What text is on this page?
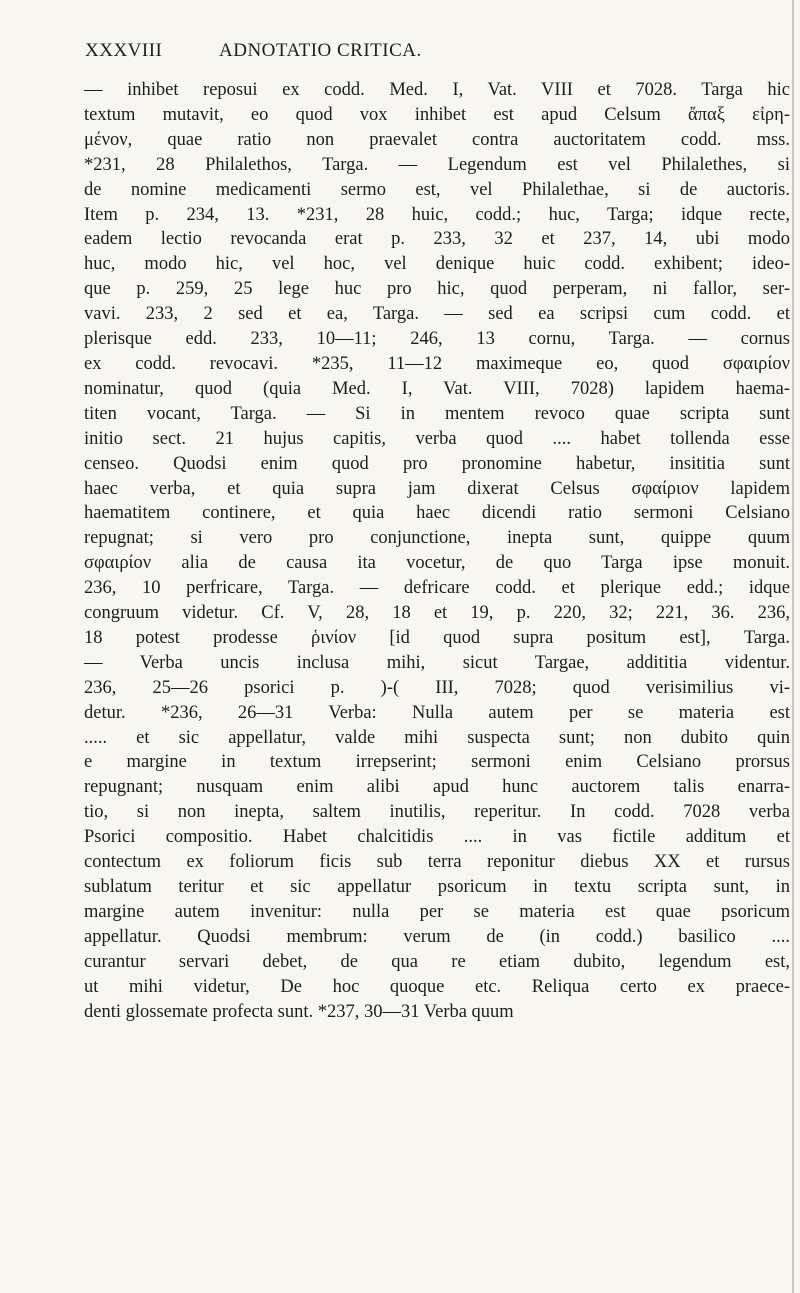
XXXVIII	ADNOTATIO CRITICA.
— inhibet reposui ex codd. Med. I, Vat. VIII et 7028. Targa hic
textum mutavit, eo quod vox inhibet est apud Celsum ἄπαξ εἰρη-
μένον, quae ratio non praevalet contra auctoritatem codd. mss.
*231, 28 Philalethos, Targa. — Legendum est vel Philalethes, si
de nomine medicamenti sermo est, vel Philalethae, si de auctoris.
Item p. 234, 13. *231, 28 huic, codd.; huc, Targa; idque recte,
eadem lectio revocanda erat p. 233, 32 et 237, 14, ubi modo
huc, modo hic, vel hoc, vel denique huic codd. exhibent; ideo-
que p. 259, 25 lege huc pro hic, quod perperam, ni fallor, ser-
vavi. 233, 2 sed et ea, Targa. — sed ea scripsi cum codd. et
plerisque edd. 233, 10—11; 246, 13 cornu, Targa. — cornus
ex codd. revocavi. *235, 11—12 maximeque eo, quod σφαιρίον
nominatur, quod (quia Med. I, Vat. VIII, 7028) lapidem haema-
titen vocant, Targa. — Si in mentem revoco quae scripta sunt
initio sect. 21 hujus capitis, verba quod .... habet tollenda esse
censeo. Quodsi enim quod pro pronomine habetur, insititia sunt
haec verba, et quia supra jam dixerat Celsus σφαίριον lapidem
haematitem continere, et quia haec dicendi ratio sermoni Celsiano
repugnat; si vero pro conjunctione, inepta sunt, quippe quum
σφαιρίον alia de causa ita vocetur, de quo Targa ipse monuit.
236, 10 perfricare, Targa. — defricare codd. et plerique edd.; idque
congruum videtur. Cf. V, 28, 18 et 19, p. 220, 32; 221, 36. 236,
18 potest prodesse ῥινίον [id quod supra positum est], Targa.
— Verba uncis inclusa mihi, sicut Targae, addititia videntur.
236, 25—26 psorici p. )-( III, 7028; quod verisimilius vi-
detur. *236, 26—31 Verba: Nulla autem per se materia est
..... et sic appellatur, valde mihi suspecta sunt; non dubito quin
e margine in textum irrepserint; sermoni enim Celsiano prorsus
repugnant; nusquam enim alibi apud hunc auctorem talis enarra-
tio, si non inepta, saltem inutilis, reperitur. In codd. 7028 verba
Psorici compositio. Habet chalcitidis .... in vas fictile additum et
contectum ex foliorum ficis sub terra reponitur diebus XX et rursus
sublatum teritur et sic appellatur psoricum in textu scripta sunt, in
margine autem invenitur: nulla per se materia est quae psoricum
appellatur. Quodsi membrum: verum de (in codd.) basilico ....
curantur servari debet, de qua re etiam dubito, legendum est,
ut mihi videtur, De hoc quoque etc. Reliqua certo ex praece-
denti glossemate profecta sunt. *237, 30—31 Verba quum
